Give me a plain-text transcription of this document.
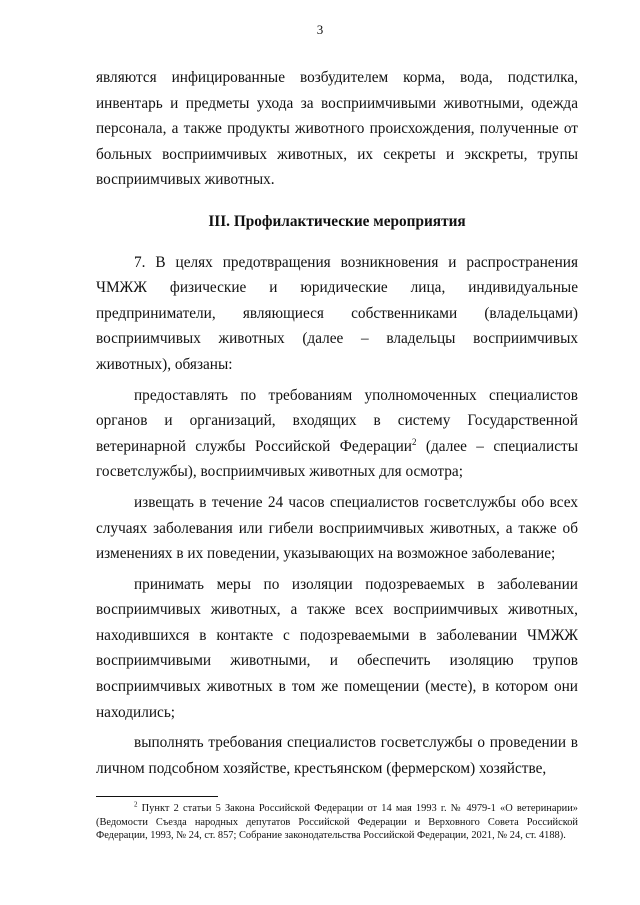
3

являются инфицированные возбудителем корма, вода, подстилка, инвентарь и предметы ухода за восприимчивыми животными, одежда персонала, а также продукты животного происхождения, полученные от больных восприимчивых животных, их секреты и экскреты, трупы восприимчивых животных.

III. Профилактические мероприятия

7. В целях предотвращения возникновения и распространения ЧМЖЖ физические и юридические лица, индивидуальные предприниматели, являющиеся собственниками (владельцами) восприимчивых животных (далее – владельцы восприимчивых животных), обязаны:

предоставлять по требованиям уполномоченных специалистов органов и организаций, входящих в систему Государственной ветеринарной службы Российской Федерации$^2$ (далее – специалисты госветслужбы), восприимчивых животных для осмотра;

извещать в течение 24 часов специалистов госветслужбы обо всех случаях заболевания или гибели восприимчивых животных, а также об изменениях в их поведении, указывающих на возможное заболевание;

принимать меры по изоляции подозреваемых в заболевании восприимчивых животных, а также всех восприимчивых животных, находившихся в контакте с подозреваемыми в заболевании ЧМЖЖ восприимчивыми животными, и обеспечить изоляцию трупов восприимчивых животных в том же помещении (месте), в котором они находились;

выполнять требования специалистов госветслужбы о проведении в личном подсобном хозяйстве, крестьянском (фермерском) хозяйстве,

$^2$ Пункт 2 статьи 5 Закона Российской Федерации от 14 мая 1993 г. № 4979-1 «О ветеринарии» (Ведомости Съезда народных депутатов Российской Федерации и Верховного Совета Российской Федерации, 1993, № 24, ст. 857; Собрание законодательства Российской Федерации, 2021, № 24, ст. 4188).
